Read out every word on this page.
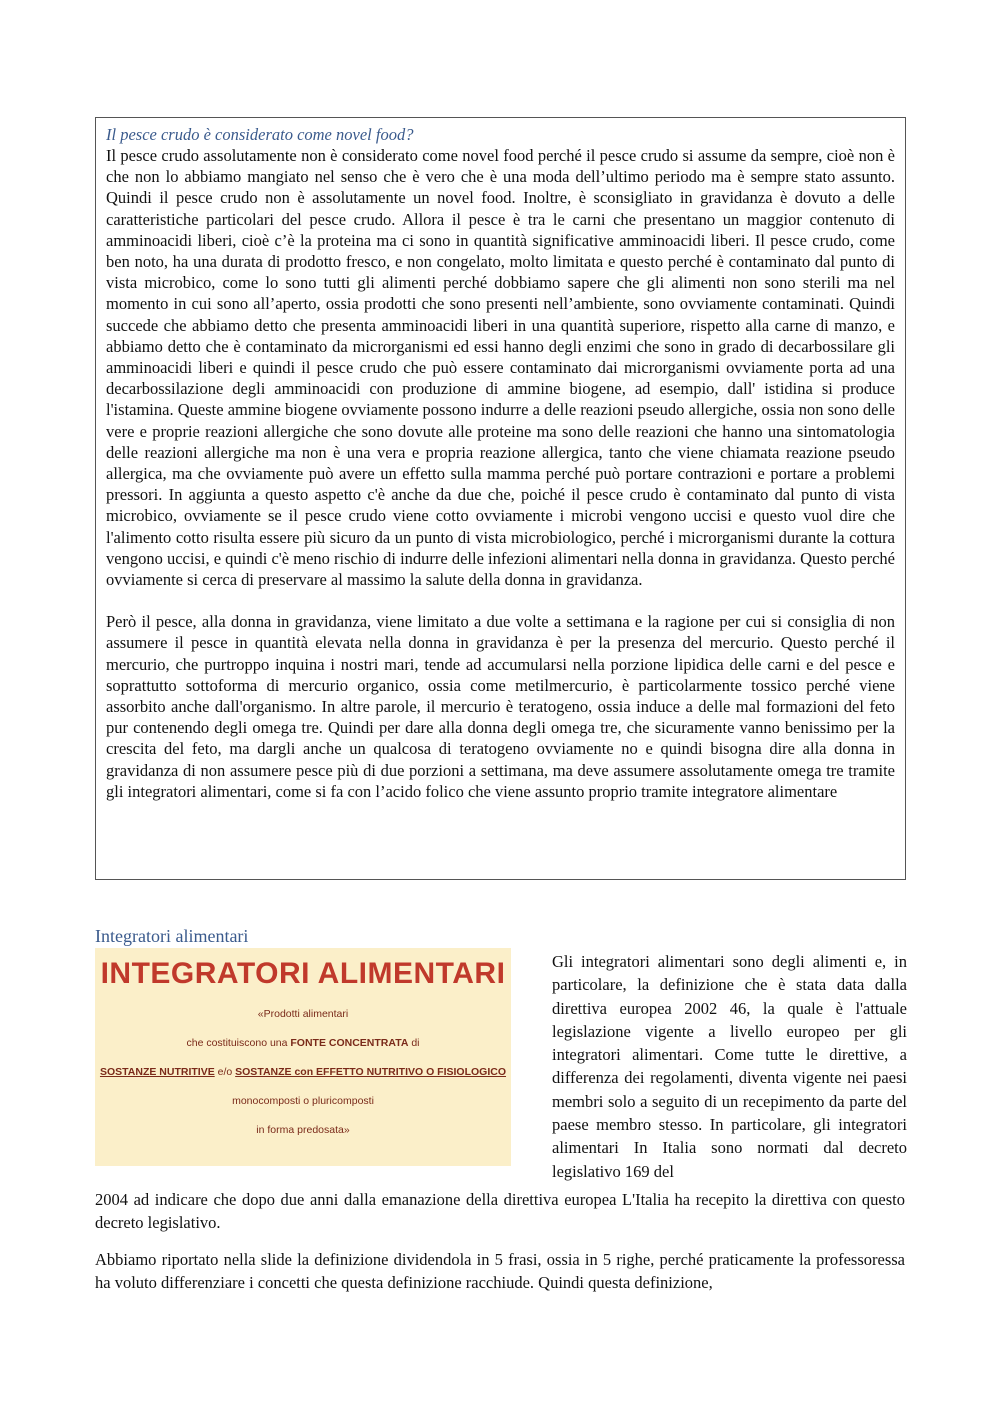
Il pesce crudo è considerato come novel food?

Il pesce crudo assolutamente non è considerato come novel food perché il pesce crudo si assume da sempre, cioè non è che non lo abbiamo mangiato nel senso che è vero che è una moda dell’ultimo periodo ma è sempre stato assunto. Quindi il pesce crudo non è assolutamente un novel food. Inoltre, è sconsigliato in gravidanza è dovuto a delle caratteristiche particolari del pesce crudo. Allora il pesce è tra le carni che presentano un maggior contenuto di amminoacidi liberi, cioè c’è la proteina ma ci sono in quantità significative amminoacidi liberi. Il pesce crudo, come ben noto, ha una durata di prodotto fresco, e non congelato, molto limitata e questo perché è contaminato dal punto di vista microbico, come lo sono tutti gli alimenti perché dobbiamo sapere che gli alimenti non sono sterili ma nel momento in cui sono all’aperto, ossia prodotti che sono presenti nell’ambiente, sono ovviamente contaminati. Quindi succede che abbiamo detto che presenta amminoacidi liberi in una quantità superiore, rispetto alla carne di manzo, e abbiamo detto che è contaminato da microrganismi ed essi hanno degli enzimi che sono in grado di decarbossilare gli amminoacidi liberi e quindi il pesce crudo che può essere contaminato dai microrganismi ovviamente porta ad una decarbossilazione degli amminoacidi con produzione di ammine biogene, ad esempio, dall' istidina si produce l'istamina. Queste ammine biogene ovviamente possono indurre a delle reazioni pseudo allergiche, ossia non sono delle vere e proprie reazioni allergiche che sono dovute alle proteine ma sono delle reazioni che hanno una sintomatologia delle reazioni allergiche ma non è una vera e propria reazione allergica, tanto che viene chiamata reazione pseudo allergica, ma che ovviamente può avere un effetto sulla mamma perché può portare contrazioni e portare a problemi pressori. In aggiunta a questo aspetto c'è anche da due che, poiché il pesce crudo è contaminato dal punto di vista microbico, ovviamente se il pesce crudo viene cotto ovviamente i microbi vengono uccisi e questo vuol dire che l'alimento cotto risulta essere più sicuro da un punto di vista microbiologico, perché i microrganismi durante la cottura vengono uccisi, e quindi c'è meno rischio di indurre delle infezioni alimentari nella donna in gravidanza. Questo perché ovviamente si cerca di preservare al massimo la salute della donna in gravidanza.

Però il pesce, alla donna in gravidanza, viene limitato a due volte a settimana e la ragione per cui si consiglia di non assumere il pesce in quantità elevata nella donna in gravidanza è per la presenza del mercurio. Questo perché il mercurio, che purtroppo inquina i nostri mari, tende ad accumularsi nella porzione lipidica delle carni e del pesce e soprattutto sottoforma di mercurio organico, ossia come metilmercurio, è particolarmente tossico perché viene assorbito anche dall'organismo. In altre parole, il mercurio è teratogeno, ossia induce a delle mal formazioni del feto pur contenendo degli omega tre. Quindi per dare alla donna degli omega tre, che sicuramente vanno benissimo per la crescita del feto, ma dargli anche un qualcosa di teratogeno ovviamente no e quindi bisogna dire alla donna in gravidanza di non assumere pesce più di due porzioni a settimana, ma deve assumere assolutamente omega tre tramite gli integratori alimentari, come si fa con l’acido folico che viene assunto proprio tramite integratore alimentare

Integratori alimentari
INTEGRATORI ALIMENTARI
«Prodotti alimentari
che costituiscono una FONTE CONCENTRATA di
SOSTANZE NUTRITIVE e/o SOSTANZE con EFFETTO NUTRITIVO O FISIOLOGICO
monocomposti o pluricomposti
in forma predosata»

Gli integratori alimentari sono degli alimenti e, in particolare, la definizione che è stata data dalla direttiva europea 2002 46, la quale è l'attuale legislazione vigente a livello europeo per gli integratori alimentari. Come tutte le direttive, a differenza dei regolamenti, diventa vigente nei paesi membri solo a seguito di un recepimento da parte del paese membro stesso. In particolare, gli integratori alimentari In Italia sono normati dal decreto legislativo 169 del

2004 ad indicare che dopo due anni dalla emanazione della direttiva europea L'Italia ha recepito la direttiva con questo decreto legislativo.

Abbiamo riportato nella slide la definizione dividendola in 5 frasi, ossia in 5 righe, perché praticamente la professoressa ha voluto differenziare i concetti che questa definizione racchiude. Quindi questa definizione,
